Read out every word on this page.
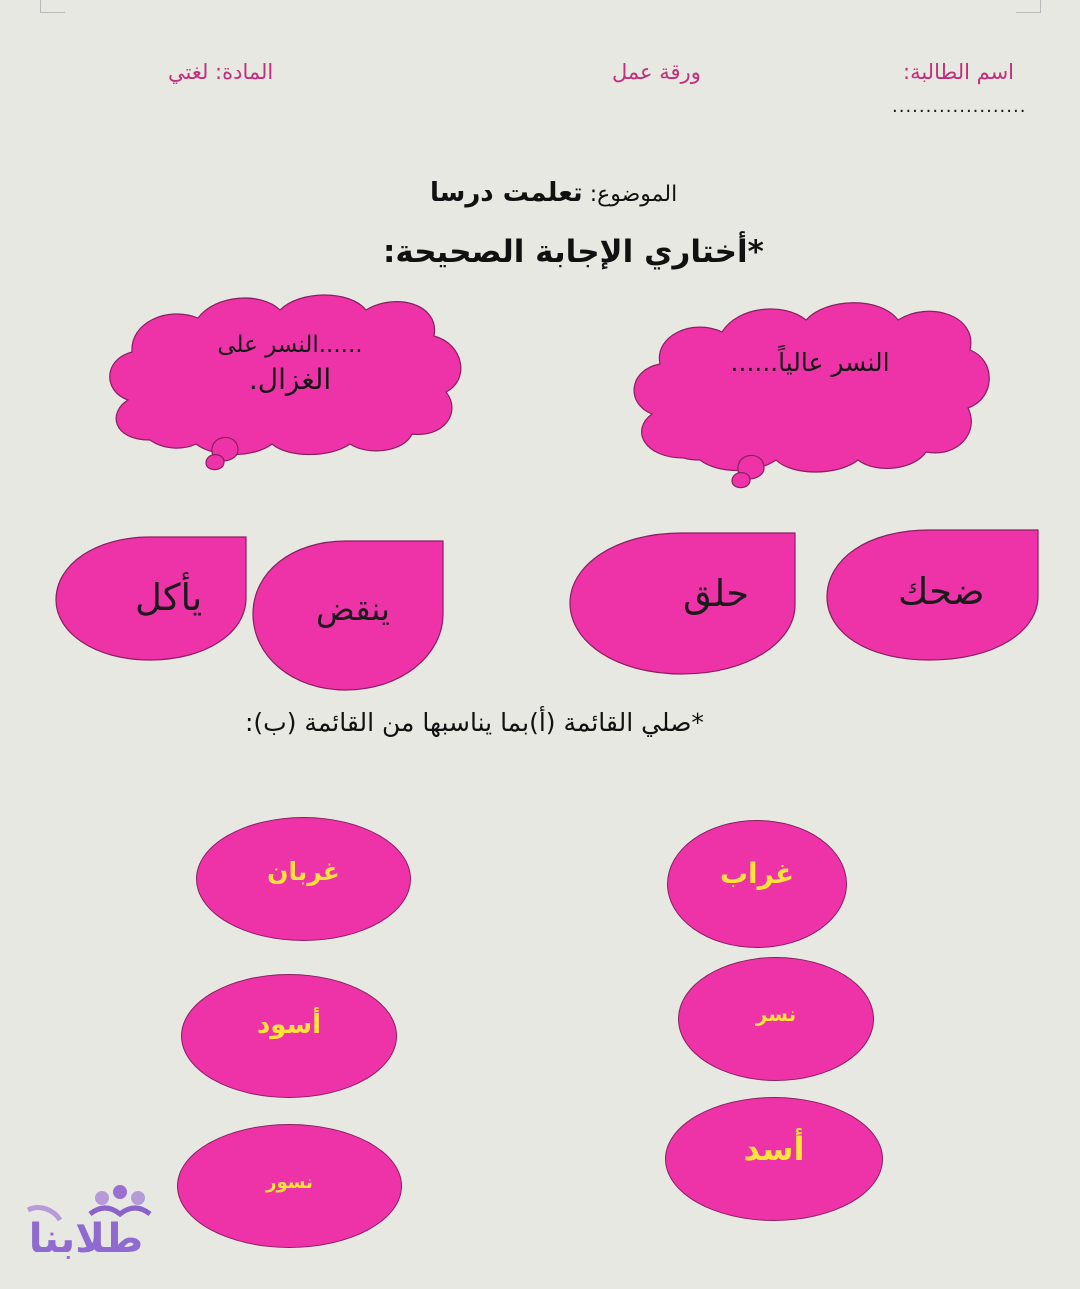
المادة: لغتي	ورقة عمل	اسم الطالبة:
....................
الموضوع: تعلمت درسا
*أختاري الإجابة الصحيحة:
......النسر على
الغزال.
النسر عالياً......
يأكل	ينقض	حلق	ضحك
*صلي القائمة (أ)بما يناسبها من القائمة (ب):
غربان
أسود
نسور
غراب
نسر
أسد
طلابنا
